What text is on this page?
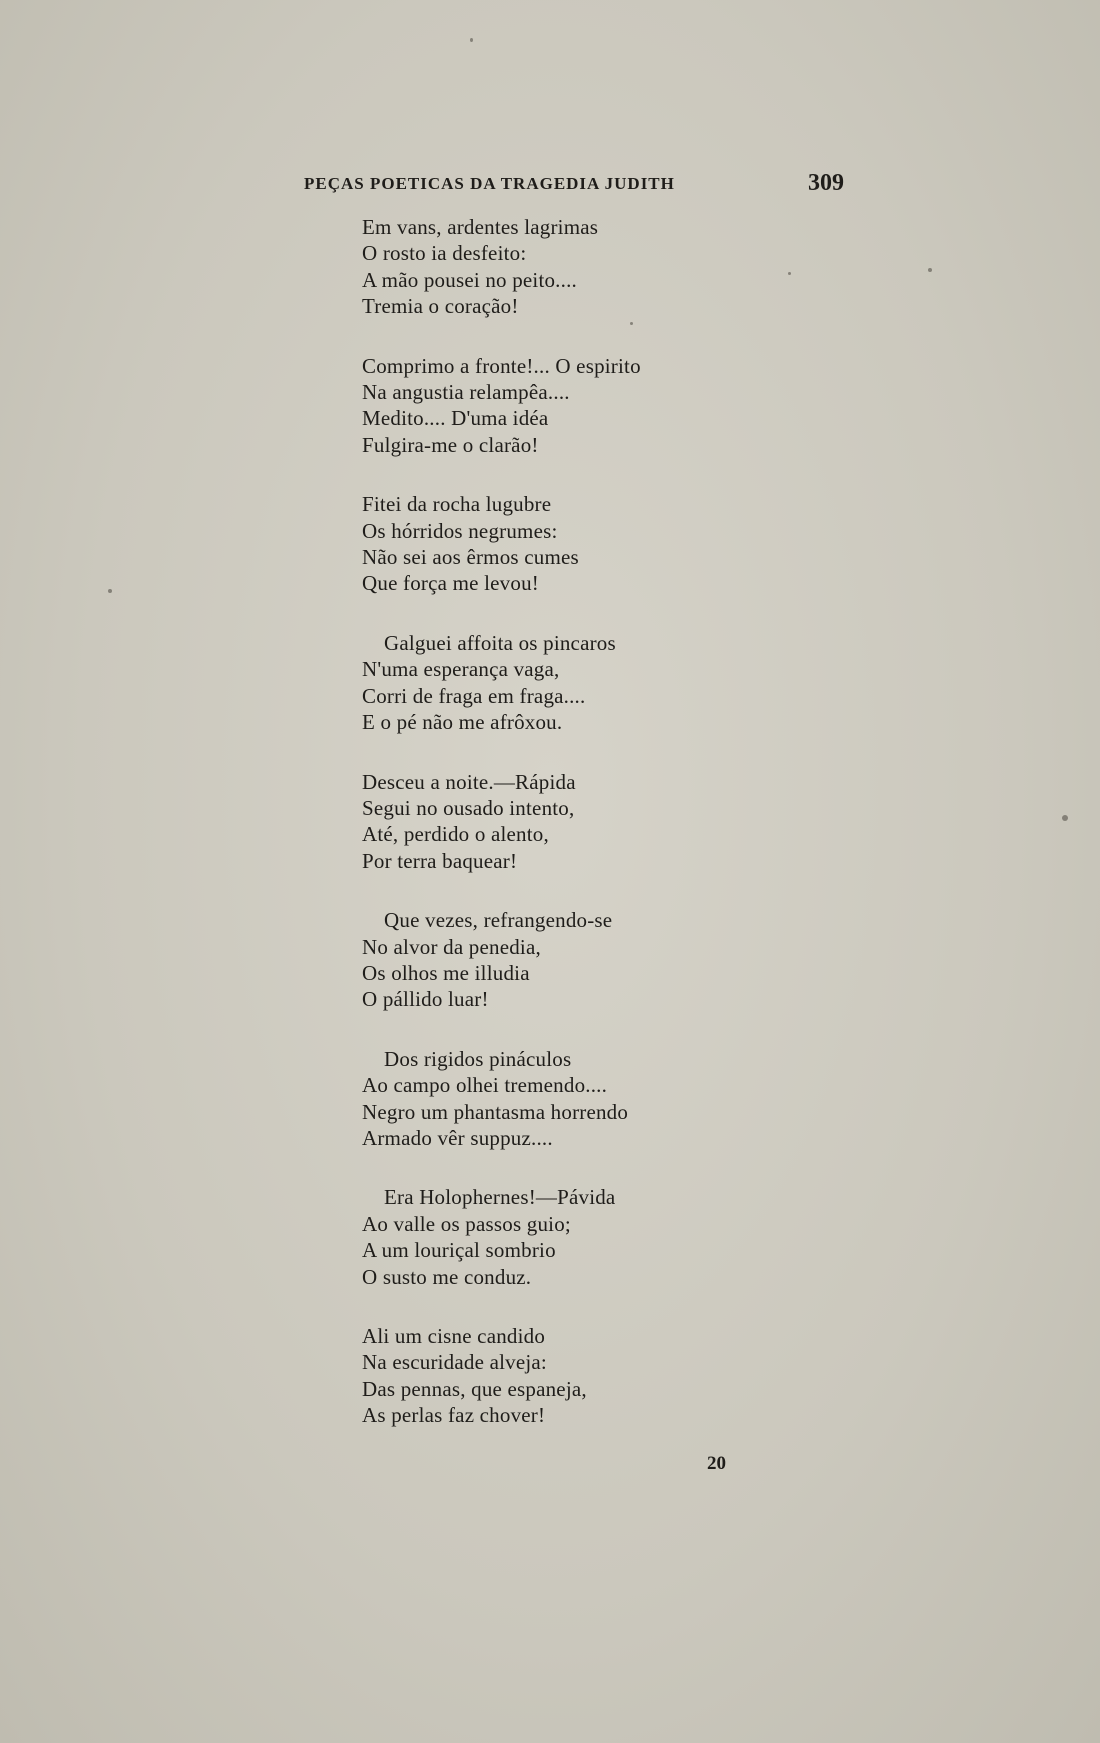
PEÇAS POETICAS DA TRAGEDIA JUDITH	309
Em vans, ardentes lagrimas
O rosto ia desfeito:
A mão pousei no peito....
Tremia o coração!
Comprimo a fronte!... O espirito
Na angustia relampêa....
Medito.... D'uma idéa
Fulgira-me o clarão!
Fitei da rocha lugubre
Os hórridos negrumes:
Não sei aos êrmos cumes
Que força me levou!
Galguei affoita os pincaros
N'uma esperança vaga,
Corri de fraga em fraga....
E o pé não me afrôxou.
Desceu a noite.—Rápida
Segui no ousado intento,
Até, perdido o alento,
Por terra baquear!
Que vezes, refrangendo-se
No alvor da penedia,
Os olhos me illudia
O pállido luar!
Dos rigidos pináculos
Ao campo olhei tremendo....
Negro um phantasma horrendo
Armado vêr suppuz....
Era Holophernes!—Pávida
Ao valle os passos guio;
A um louriçal sombrio
O susto me conduz.
Ali um cisne candido
Na escuridade alveja:
Das pennas, que espaneja,
As perlas faz chover!
20
